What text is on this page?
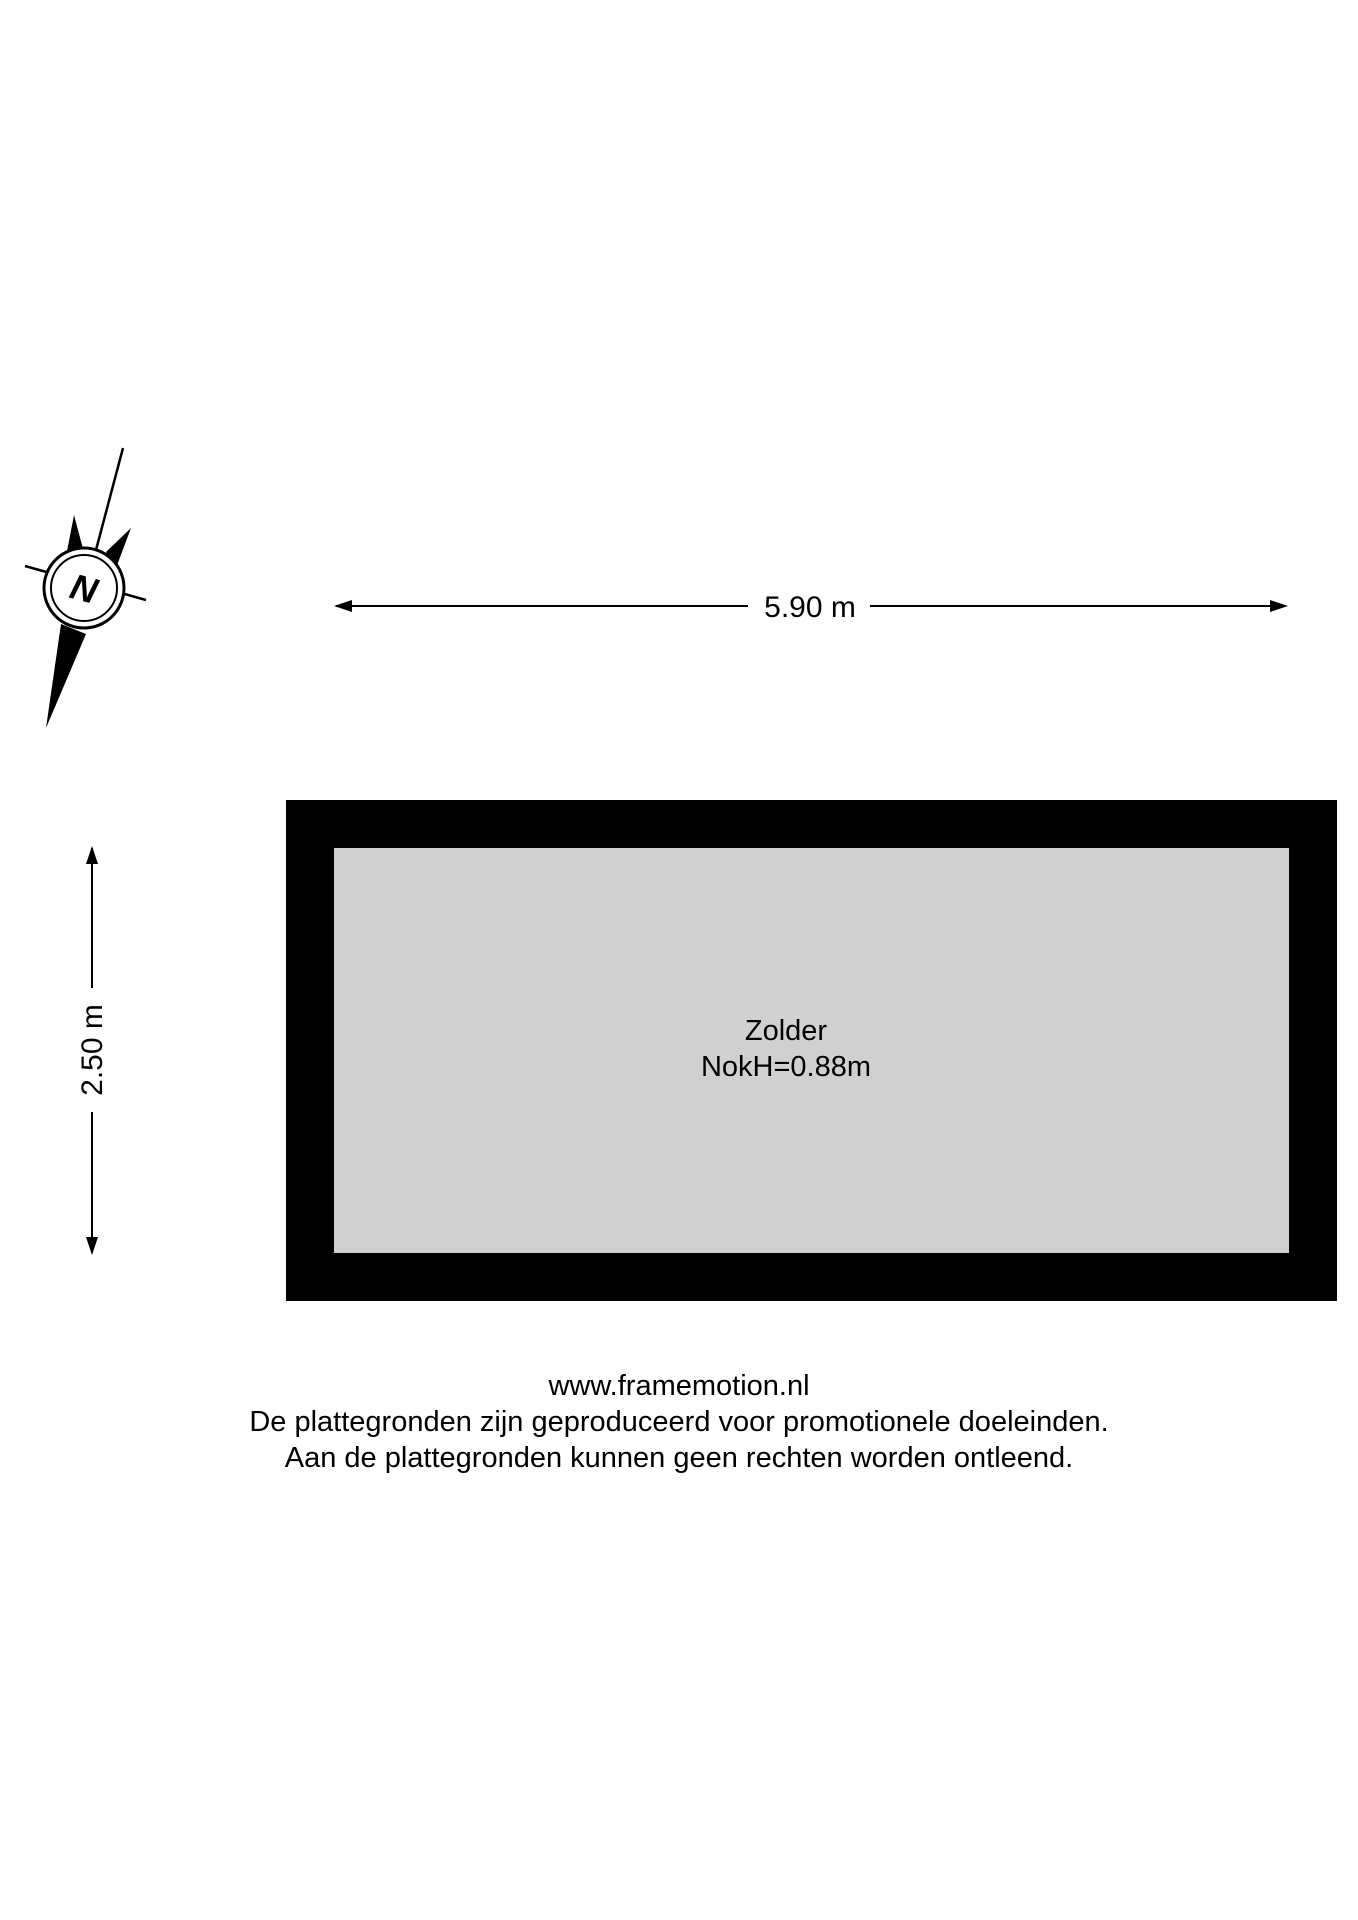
N	5.90 m
2.50 m	Zolder
NokH=0.88m
www.framemotion.nl
De plattegronden zijn geproduceerd voor promotionele doeleinden.
Aan de plattegronden kunnen geen rechten worden ontleend.
